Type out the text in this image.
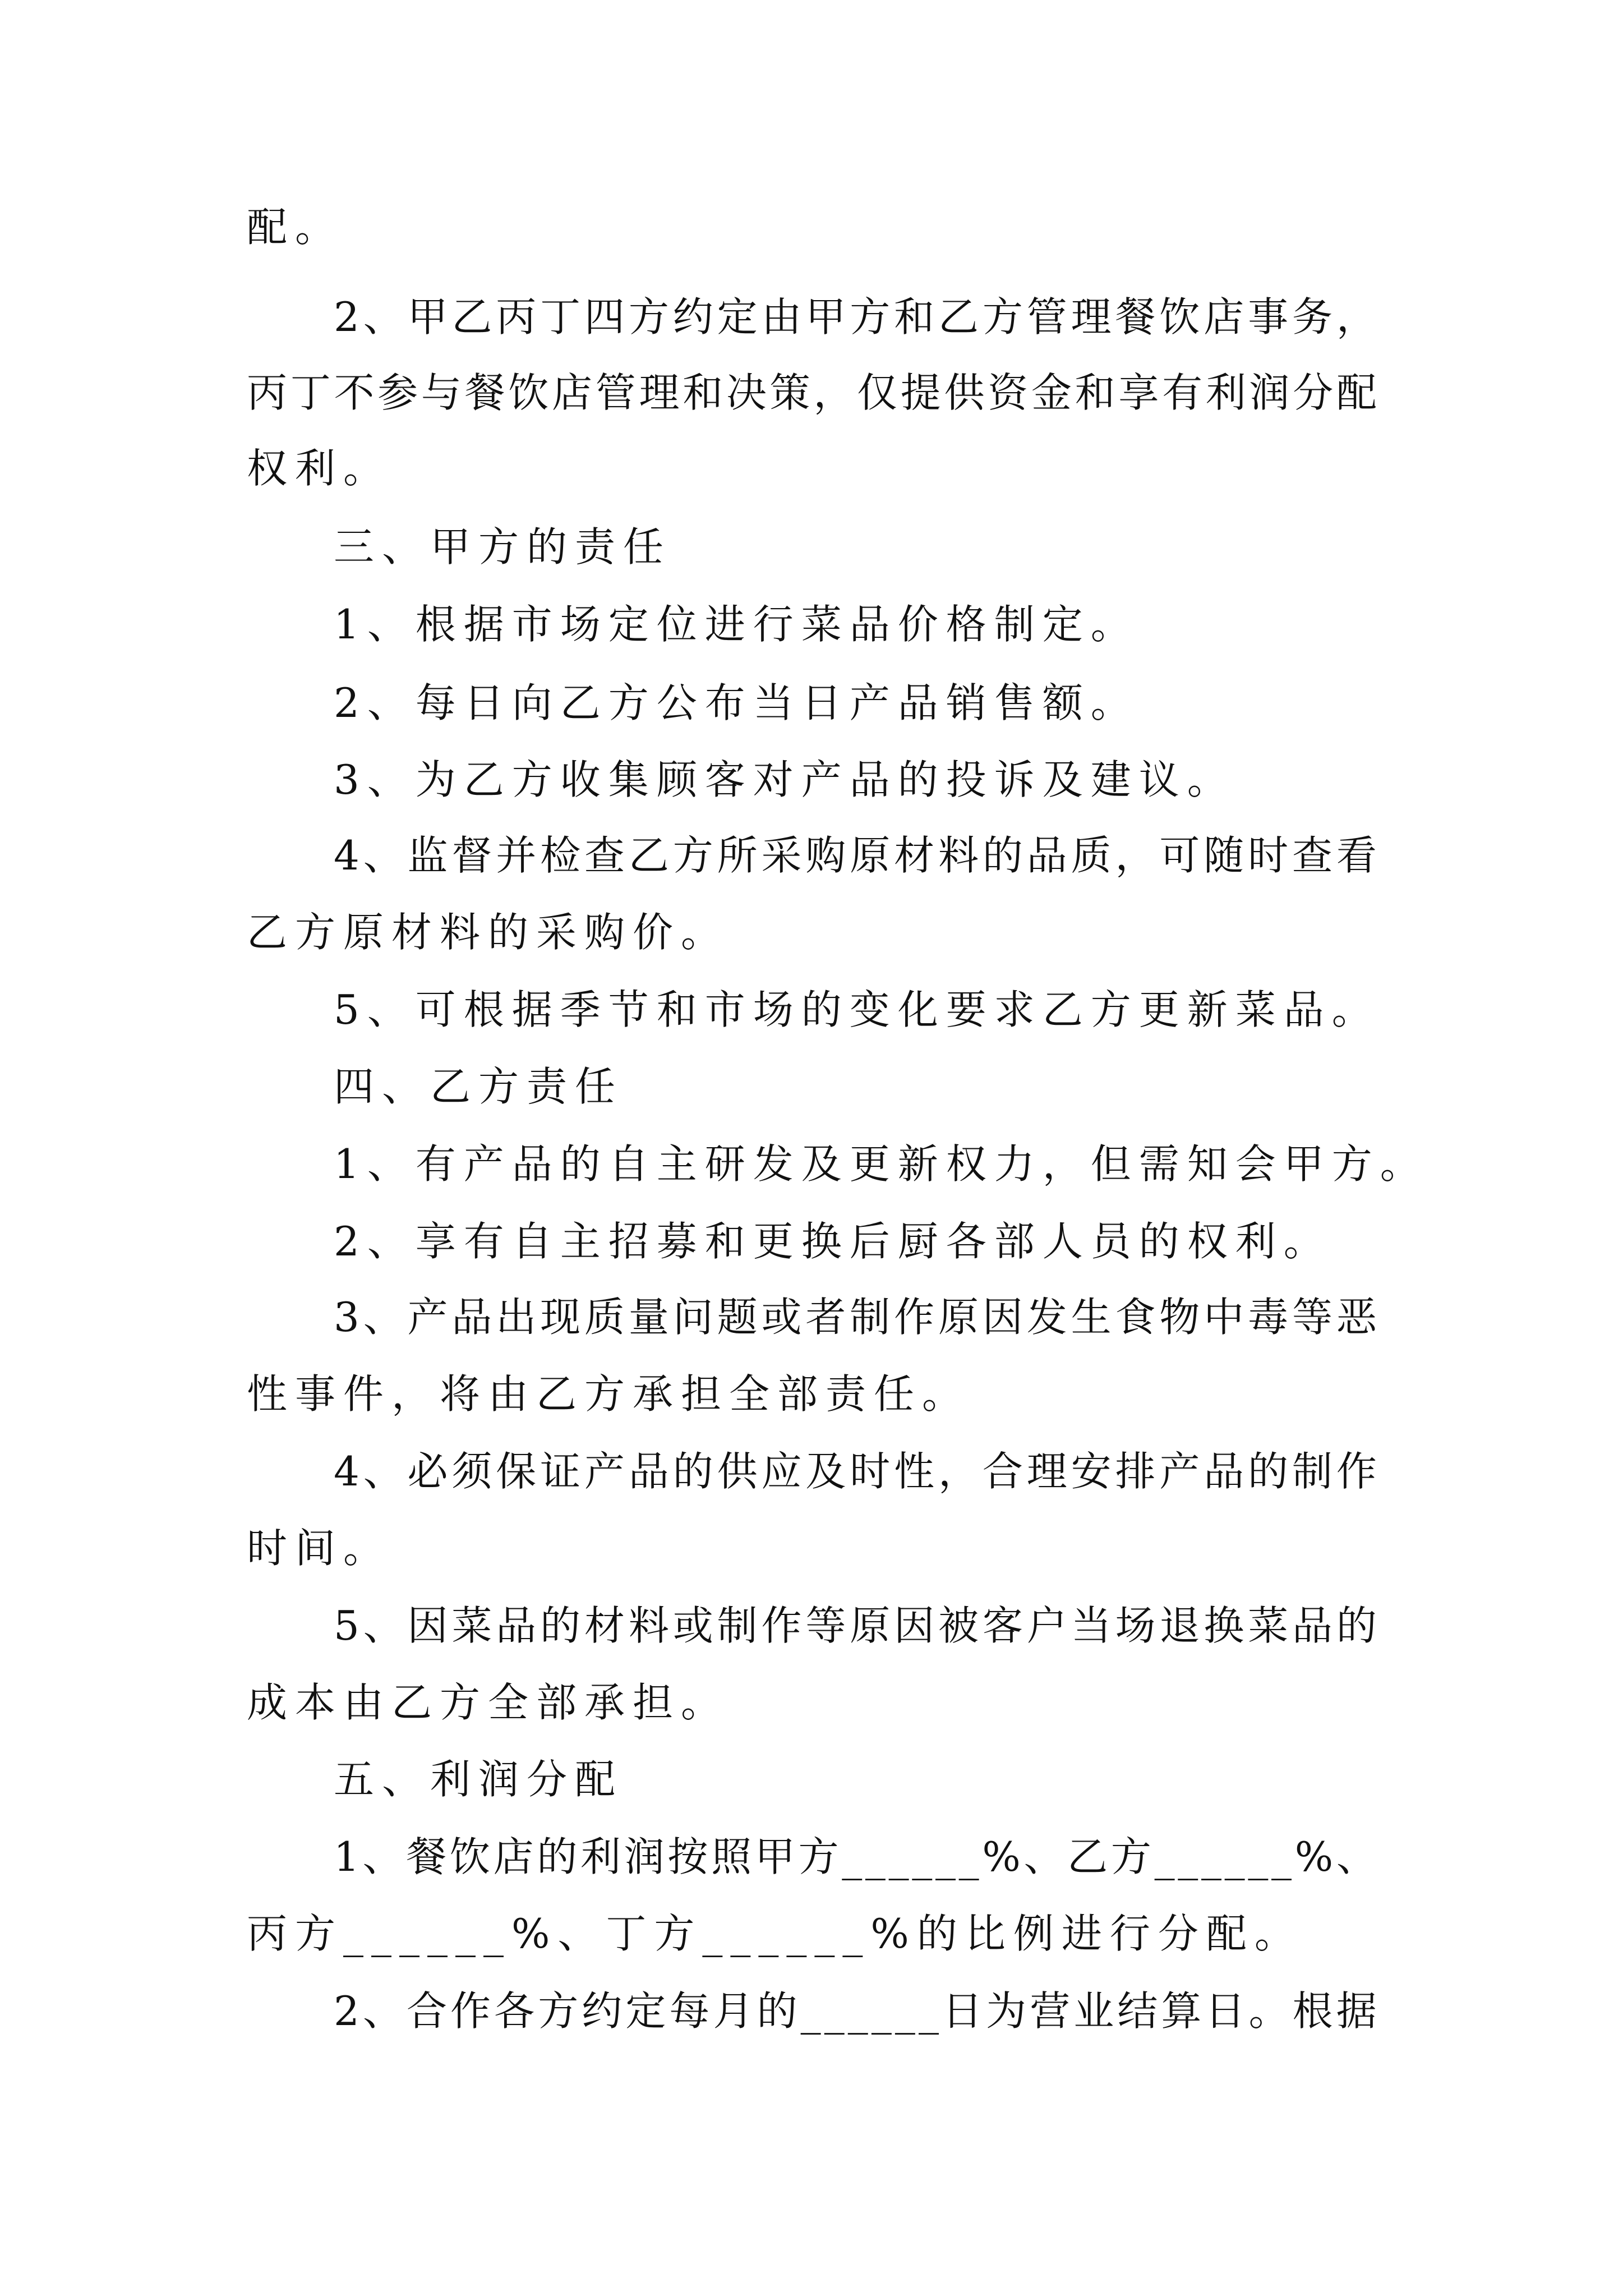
配。
2 、 甲 乙 丙 丁 四 方 约 定 由 甲 方 和 乙 方 管 理 餐 饮 店 事 务 ，
丙 丁 不 参 与 餐 饮 店 管 理 和 决 策 ， 仅 提 供 资 金 和 享 有 利 润 分 配
权利。
三、甲方的责任
1、根据市场定位进行菜品价格制定。
2、每日向乙方公布当日产品销售额。
3、为乙方收集顾客对产品的投诉及建议。
4 、 监 督 并 检 查 乙 方 所 采 购 原 材 料 的 品 质 ， 可 随 时 查 看
乙方原材料的采购价。
5、可根据季节和市场的变化要求乙方更新菜品。
四、乙方责任
1、有产品的自主研发及更新权力，但需知会甲方。
2、享有自主招募和更换后厨各部人员的权利。
3 、 产 品 出 现 质 量 问 题 或 者 制 作 原 因 发 生 食 物 中 毒 等 恶
性事件，将由乙方承担全部责任。
4 、 必 须 保 证 产 品 的 供 应 及 时 性 ， 合 理 安 排 产 品 的 制 作
时间。
5 、 因 菜 品 的 材 料 或 制 作 等 原 因 被 客 户 当 场 退 换 菜 品 的
成本由乙方全部承担。
五、利润分配
1 、 餐 饮 店 的 利 润 按 照 甲 方 _ _ _ _ _ _ % 、 乙 方 _ _ _ _ _ _ % 、
丙方______%、丁方______%的比例进行分配。
2 、 合 作 各 方 约 定 每 月 的 _ _ _ _ _ _ 日 为 营 业 结 算 日 。 根 据
